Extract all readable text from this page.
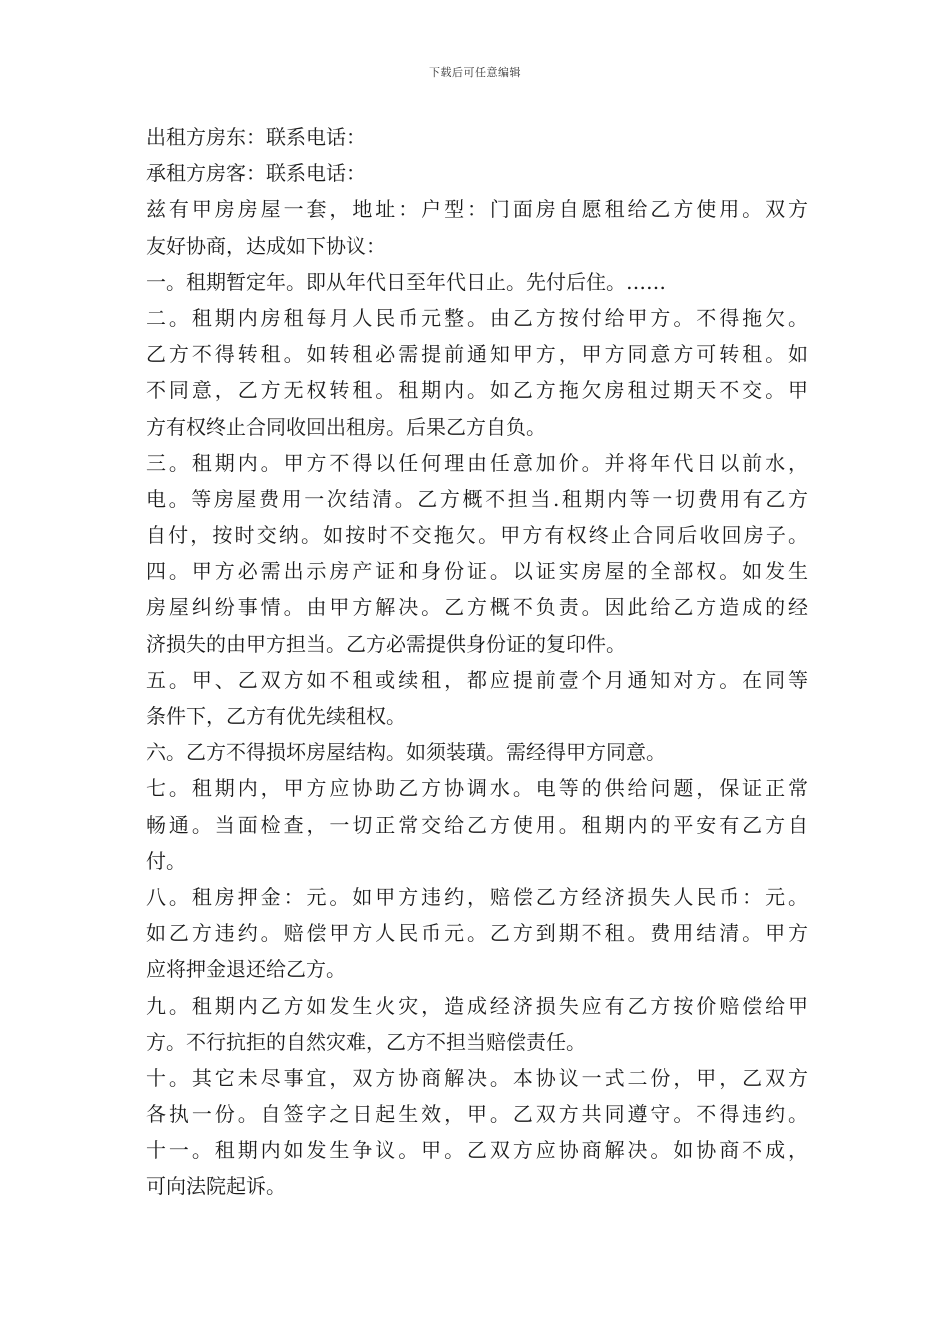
下载后可任意编辑
出租方房东：联系电话：
承租方房客：联系电话：
兹有甲房房屋一套，地址：户型：门面房自愿租给乙方使用。双方
友好协商，达成如下协议：
一。租期暂定年。即从年代日至年代日止。先付后住。……
二。租期内房租每月人民币元整。由乙方按付给甲方。不得拖欠。
乙方不得转租。如转租必需提前通知甲方，甲方同意方可转租。如
不同意，乙方无权转租。租期内。如乙方拖欠房租过期天不交。甲
方有权终止合同收回出租房。后果乙方自负。
三。租期内。甲方不得以任何理由任意加价。并将年代日以前水，
电。等房屋费用一次结清。乙方概不担当.租期内等一切费用有乙方
自付，按时交纳。如按时不交拖欠。甲方有权终止合同后收回房子。
四。甲方必需出示房产证和身份证。以证实房屋的全部权。如发生
房屋纠纷事情。由甲方解决。乙方概不负责。因此给乙方造成的经
济损失的由甲方担当。乙方必需提供身份证的复印件。
五。甲、乙双方如不租或续租，都应提前壹个月通知对方。在同等
条件下，乙方有优先续租权。
六。乙方不得损坏房屋结构。如须装璜。需经得甲方同意。
七。租期内，甲方应协助乙方协调水。电等的供给问题，保证正常
畅通。当面检查，一切正常交给乙方使用。租期内的平安有乙方自
付。
八。租房押金：元。如甲方违约，赔偿乙方经济损失人民币：元。
如乙方违约。赔偿甲方人民币元。乙方到期不租。费用结清。甲方
应将押金退还给乙方。
九。租期内乙方如发生火灾，造成经济损失应有乙方按价赔偿给甲
方。不行抗拒的自然灾难，乙方不担当赔偿责任。
十。其它未尽事宜，双方协商解决。本协议一式二份，甲，乙双方
各执一份。自签字之日起生效，甲。乙双方共同遵守。不得违约。
十一。租期内如发生争议。甲。乙双方应协商解决。如协商不成，
可向法院起诉。
